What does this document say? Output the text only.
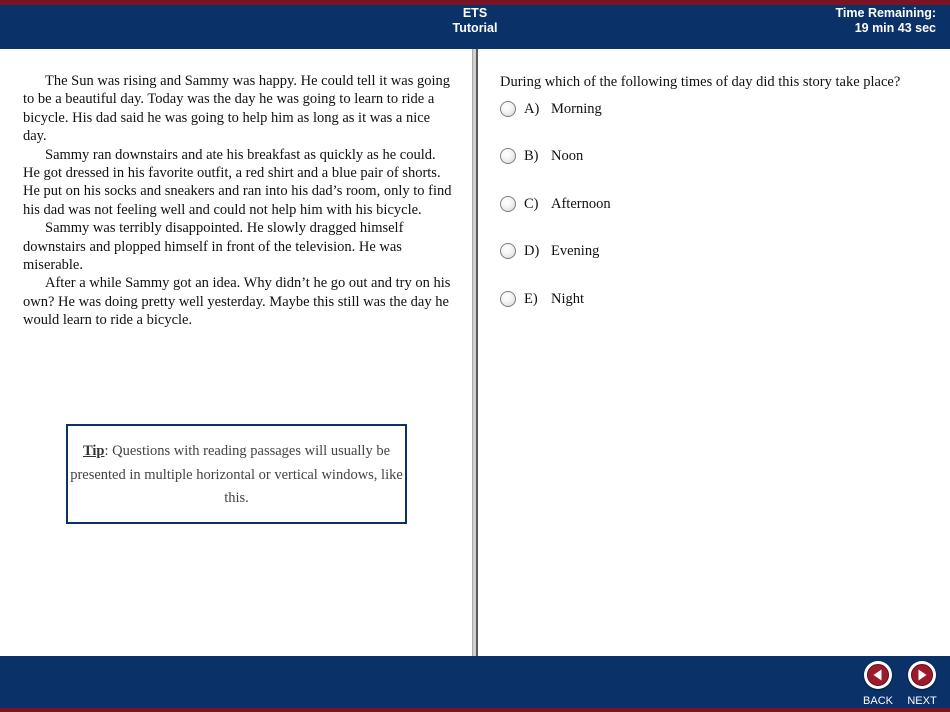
ETS
Tutorial
Time Remaining:
19 min 43 sec

The Sun was rising and Sammy was happy. He could tell it was going to be a beautiful day. Today was the day he was going to learn to ride a bicycle. His dad said he was going to help him as long as it was a nice day.

Sammy ran downstairs and ate his breakfast as quickly as he could. He got dressed in his favorite outfit, a red shirt and a blue pair of shorts. He put on his socks and sneakers and ran into his dad’s room, only to find his dad was not feeling well and could not help him with his bicycle.

Sammy was terribly disappointed. He slowly dragged himself downstairs and plopped himself in front of the television. He was miserable.

After a while Sammy got an idea. Why didn’t he go out and try on his own? He was doing pretty well yesterday. Maybe this still was the day he would learn to ride a bicycle.

Tip: Questions with reading passages will usually be presented in multiple horizontal or vertical windows, like this.
During which of the following times of day did this story take place?
A) Morning
B) Noon
C) Afternoon
D) Evening
E) Night
BACK	NEXT
